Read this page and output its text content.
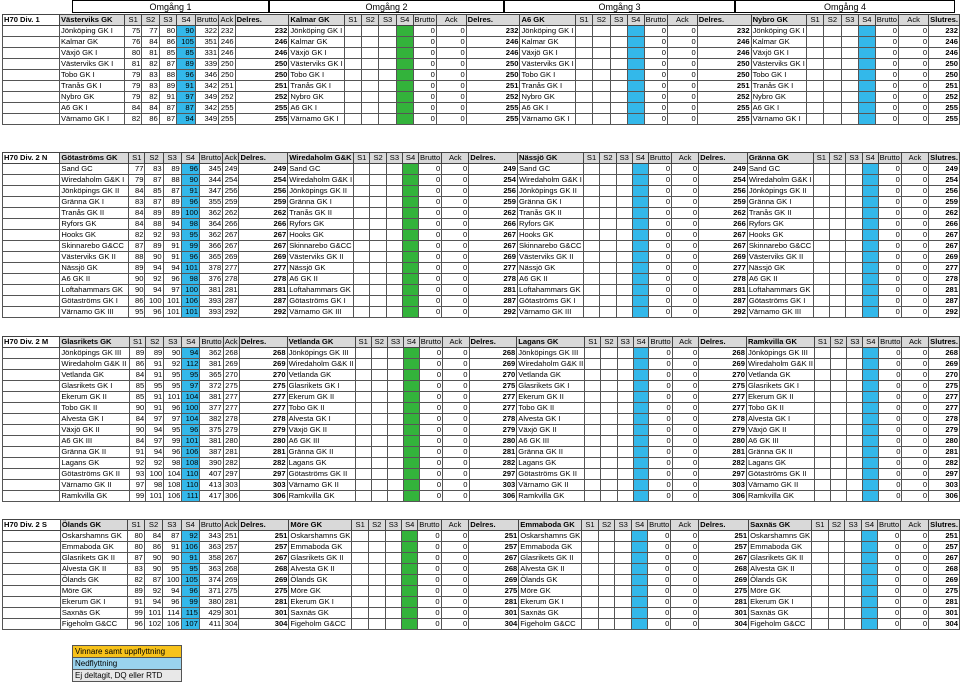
Omgång 1	Omgång 2	Omgång 3	Omgång 4
H70 Div. 1	Västerviks GK	S1	S2	S3	S4	Brutto	Ack	Delres.	Kalmar GK	S1	S2	S3	S4	Brutto	Ack	Delres.	A6 GK	S1	S2	S3	S4	Brutto	Ack	Delres.	Nybro GK	S1	S2	S3	S4	Brutto	Ack	Slutres.
	Jönköping GK I	75	77	80	90	322	232	232	Jönköping GK I					0	0	232	Jönköping GK I					0	0	232	Jönköping GK I					0	0	232
	Kalmar GK	76	84	86	105	351	246	246	Kalmar GK					0	0	246	Kalmar GK					0	0	246	Kalmar GK					0	0	246
	Växjö GK I	80	81	85	85	331	246	246	Växjö GK I					0	0	246	Växjö GK I					0	0	246	Växjö GK I					0	0	246
	Västerviks GK I	81	82	87	89	339	250	250	Västerviks GK I					0	0	250	Västerviks GK I					0	0	250	Västerviks GK I					0	0	250
	Tobo GK I	79	83	88	96	346	250	250	Tobo GK I					0	0	250	Tobo GK I					0	0	250	Tobo GK I					0	0	250
	Tranås GK I	79	83	89	91	342	251	251	Tranås GK I					0	0	251	Tranås GK I					0	0	251	Tranås GK I					0	0	251
	Nybro GK	79	82	91	97	349	252	252	Nybro GK					0	0	252	Nybro GK					0	0	252	Nybro GK					0	0	252
	A6 GK I	84	84	87	87	342	255	255	A6 GK I					0	0	255	A6 GK I					0	0	255	A6 GK I					0	0	255
	Värnamo GK I	82	86	87	94	349	255	255	Värnamo GK I					0	0	255	Värnamo GK I					0	0	255	Värnamo GK I					0	0	255
H70 Div. 2 N	Götaströms GK	S1	S2	S3	S4	Brutto	Ack	Delres.	Wiredaholm G&K	S1	S2	S3	S4	Brutto	Ack	Delres.	Nässjö GK	S1	S2	S3	S4	Brutto	Ack	Delres.	Gränna GK	S1	S2	S3	S4	Brutto	Ack	Slutres.
	Sand GC	77	83	89	96	345	249	249	Sand GC					0	0	249	Sand GC					0	0	249	Sand GC					0	0	249
	Wiredaholm G&K I	79	87	88	90	344	254	254	Wiredaholm G&K I					0	0	254	Wiredaholm G&K I					0	0	254	Wiredaholm G&K I					0	0	254
	Jönköpings GK II	84	85	87	91	347	256	256	Jönköpings GK II					0	0	256	Jönköpings GK II					0	0	256	Jönköpings GK II					0	0	256
	Gränna GK I	83	87	89	96	355	259	259	Gränna GK I					0	0	259	Gränna GK I					0	0	259	Gränna GK I					0	0	259
	Tranås GK II	84	89	89	100	362	262	262	Tranås GK II					0	0	262	Tranås GK II					0	0	262	Tranås GK II					0	0	262
	Ryfors GK	84	88	94	98	364	266	266	Ryfors GK					0	0	266	Ryfors GK					0	0	266	Ryfors GK					0	0	266
	Hooks GK	82	92	93	95	362	267	267	Hooks GK					0	0	267	Hooks GK					0	0	267	Hooks GK					0	0	267
	Skinnarebo G&CC	87	89	91	99	366	267	267	Skinnarebo G&CC					0	0	267	Skinnarebo G&CC					0	0	267	Skinnarebo G&CC					0	0	267
	Västerviks GK II	88	90	91	96	365	269	269	Västerviks GK II					0	0	269	Västerviks GK II					0	0	269	Västerviks GK II					0	0	269
	Nässjö GK	89	94	94	101	378	277	277	Nässjö GK					0	0	277	Nässjö GK					0	0	277	Nässjö GK					0	0	277
	A6 GK II	90	92	96	98	376	278	278	A6 GK II					0	0	278	A6 GK II					0	0	278	A6 GK II					0	0	278
	Loftahammars GK	90	94	97	100	381	281	281	Loftahammars GK					0	0	281	Loftahammars GK					0	0	281	Loftahammars GK					0	0	281
	Götaströms GK I	86	100	101	106	393	287	287	Götaströms GK I					0	0	287	Götaströms GK I					0	0	287	Götaströms GK I					0	0	287
	Värnamo GK III	95	96	101	101	393	292	292	Värnamo GK III					0	0	292	Värnamo GK III					0	0	292	Värnamo GK III					0	0	292
H70 Div. 2 M	Glasrikets GK	S1	S2	S3	S4	Brutto	Ack	Delres.	Vetlanda GK	S1	S2	S3	S4	Brutto	Ack	Delres.	Lagans GK	S1	S2	S3	S4	Brutto	Ack	Delres.	Ramkvilla GK	S1	S2	S3	S4	Brutto	Ack	Slutres.
	Jönköpings GK III	89	89	90	94	362	268	268	Jönköpings GK III					0	0	268	Jönköpings GK III					0	0	268	Jönköpings GK III					0	0	268
	Wiredaholm G&K II	86	91	92	112	381	269	269	Wiredaholm G&K II					0	0	269	Wiredaholm G&K II					0	0	269	Wiredaholm G&K II					0	0	269
	Vetlanda GK	84	91	95	95	365	270	270	Vetlanda GK					0	0	270	Vetlanda GK					0	0	270	Vetlanda GK					0	0	270
	Glasrikets GK I	85	95	95	97	372	275	275	Glasrikets GK I					0	0	275	Glasrikets GK I					0	0	275	Glasrikets GK I					0	0	275
	Ekerum GK II	85	91	101	104	381	277	277	Ekerum GK II					0	0	277	Ekerum GK II					0	0	277	Ekerum GK II					0	0	277
	Tobo GK II	90	91	96	100	377	277	277	Tobo GK II					0	0	277	Tobo GK II					0	0	277	Tobo GK II					0	0	277
	Alvesta GK I	84	97	97	104	382	278	278	Alvesta GK I					0	0	278	Alvesta GK I					0	0	278	Alvesta GK I					0	0	278
	Växjö GK II	90	94	95	96	375	279	279	Växjö GK II					0	0	279	Växjö GK II					0	0	279	Växjö GK II					0	0	279
	A6 GK III	84	97	99	101	381	280	280	A6 GK III					0	0	280	A6 GK III					0	0	280	A6 GK III					0	0	280
	Gränna GK II	91	94	96	106	387	281	281	Gränna GK II					0	0	281	Gränna GK II					0	0	281	Gränna GK II					0	0	281
	Lagans GK	92	92	98	108	390	282	282	Lagans GK					0	0	282	Lagans GK					0	0	282	Lagans GK					0	0	282
	Götaströms GK II	93	100	104	110	407	297	297	Götaströms GK II					0	0	297	Götaströms GK II					0	0	297	Götaströms GK II					0	0	297
	Värnamo GK II	97	98	108	110	413	303	303	Värnamo GK II					0	0	303	Värnamo GK II					0	0	303	Värnamo GK II					0	0	303
	Ramkvilla GK	99	101	106	111	417	306	306	Ramkvilla GK					0	0	306	Ramkvilla GK					0	0	306	Ramkvilla GK					0	0	306
H70 Div. 2 S	Ölands GK	S1	S2	S3	S4	Brutto	Ack	Delres.	Möre GK	S1	S2	S3	S4	Brutto	Ack	Delres.	Emmaboda GK	S1	S2	S3	S4	Brutto	Ack	Delres.	Saxnäs GK	S1	S2	S3	S4	Brutto	Ack	Slutres.
	Oskarshamns GK	80	84	87	92	343	251	251	Oskarshamns GK					0	0	251	Oskarshamns GK					0	0	251	Oskarshamns GK					0	0	251
	Emmaboda GK	80	86	91	106	363	257	257	Emmaboda GK					0	0	257	Emmaboda GK					0	0	257	Emmaboda GK					0	0	257
	Glasrikets GK II	87	90	90	91	358	267	267	Glasrikets GK II					0	0	267	Glasrikets GK II					0	0	267	Glasrikets GK II					0	0	267
	Alvesta GK II	83	90	95	95	363	268	268	Alvesta GK II					0	0	268	Alvesta GK II					0	0	268	Alvesta GK II					0	0	268
	Ölands GK	82	87	100	105	374	269	269	Ölands GK					0	0	269	Ölands GK					0	0	269	Ölands GK					0	0	269
	Möre GK	89	92	94	96	371	275	275	Möre GK					0	0	275	Möre GK					0	0	275	Möre GK					0	0	275
	Ekerum GK I	91	94	96	99	380	281	281	Ekerum GK I					0	0	281	Ekerum GK I					0	0	281	Ekerum GK I					0	0	281
	Saxnäs GK	99	101	114	115	429	301	301	Saxnäs GK					0	0	301	Saxnäs GK					0	0	301	Saxnäs GK					0	0	301
	Figeholm G&CC	96	102	106	107	411	304	304	Figeholm G&CC					0	0	304	Figeholm G&CC					0	0	304	Figeholm G&CC					0	0	304
Vinnare samt uppflyttning
Nedflyttning
Ej deltagit, DQ eller RTD
